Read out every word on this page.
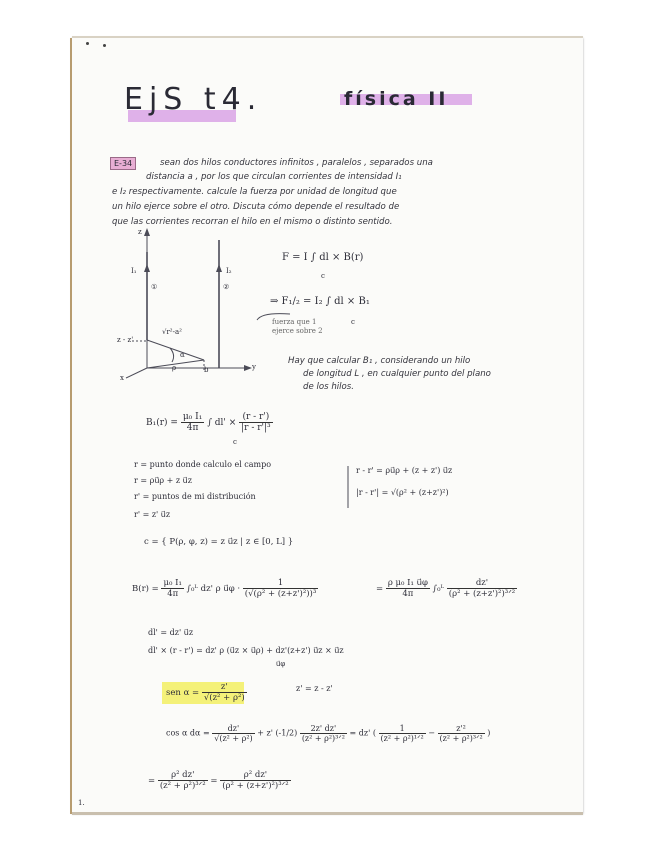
EjS t4.	física II
E-34	sean dos hilos conductores infinitos , paralelos , separados una
distancia a , por los que circulan corrientes de intensidad I₁
e I₂ respectivamente. calcule la fuerza por unidad de longitud que
un hilo ejerce sobre el otro. Discuta cómo depende el resultado de
que las corrientes recorran el hilo en el mismo o distinto sentido.
z
y
x
I₁	I₂
①	②
z - z'
√r²-a²
α
ρ	b
F = I ∫ dl × B(r)
c
⇒ F₁/₂ = I₂ ∫ dl × B₁
c
fuerza que 1
ejerce sobre 2
Hay que calcular B₁ , considerando un hilo
de longitud L , en cualquier punto del plano
de los hilos.
$B_1(r) = \frac{\text{μ₀ I₁}}{4\pi}$ ∫ $dl' \times \frac{(r - r')}{\text{|r - r'|³}}$
c
r = punto donde calculo el campo
r = ρu⃗ρ + z u⃗z
r' = puntos de mi distribución
r' = z' u⃗z
r - r' = ρu⃗ρ + (z + z') u⃗z
|r - r'| = √(ρ² + (z+z')²)
c = { P(ρ, φ, z) = z u⃗z | z ∈ [0, L] }
$B(r) = \frac{\text{μ₀ I₁}}{4\pi}$ ∫₀ᴸ dz' ρ u⃗φ · $\frac{1}{\text{(√(ρ² + (z+z')²))³}}$	= $\frac{\text{ρ μ₀ I₁ u⃗φ}}{4\pi}$ ∫₀ᴸ $\frac{dz'}{\text{(ρ² + (z+z')²)³ᐟ²}}$
dl' = dz' u⃗z
dl' × (r - r') = dz' ρ (u⃗z × u⃗ρ) + dz'(z+z') u⃗z × u⃗z
u⃗φ
sen $\alpha = \frac{z'}{\text{√(z² + ρ²)}}$	z' = z - z'
cos α $d\alpha = \frac{dz'}{\text{√(z² + ρ²)}} + z'$ $(-1/2) \frac{2z' dz'}{\text{(z² + ρ²)³ᐟ²}} = dz'$ ( $\frac{1}{\text{(z² + ρ²)¹ᐟ²}} - \frac{\text{z'²}}{\text{(z² + ρ²)³ᐟ²}}$ )
= $\frac{\text{ρ² dz'}}{\text{(z² + ρ²)³ᐟ²}} = \frac{\text{ρ² dz'}}{\text{(ρ² + (z+z')²)³ᐟ²}}$
1.
